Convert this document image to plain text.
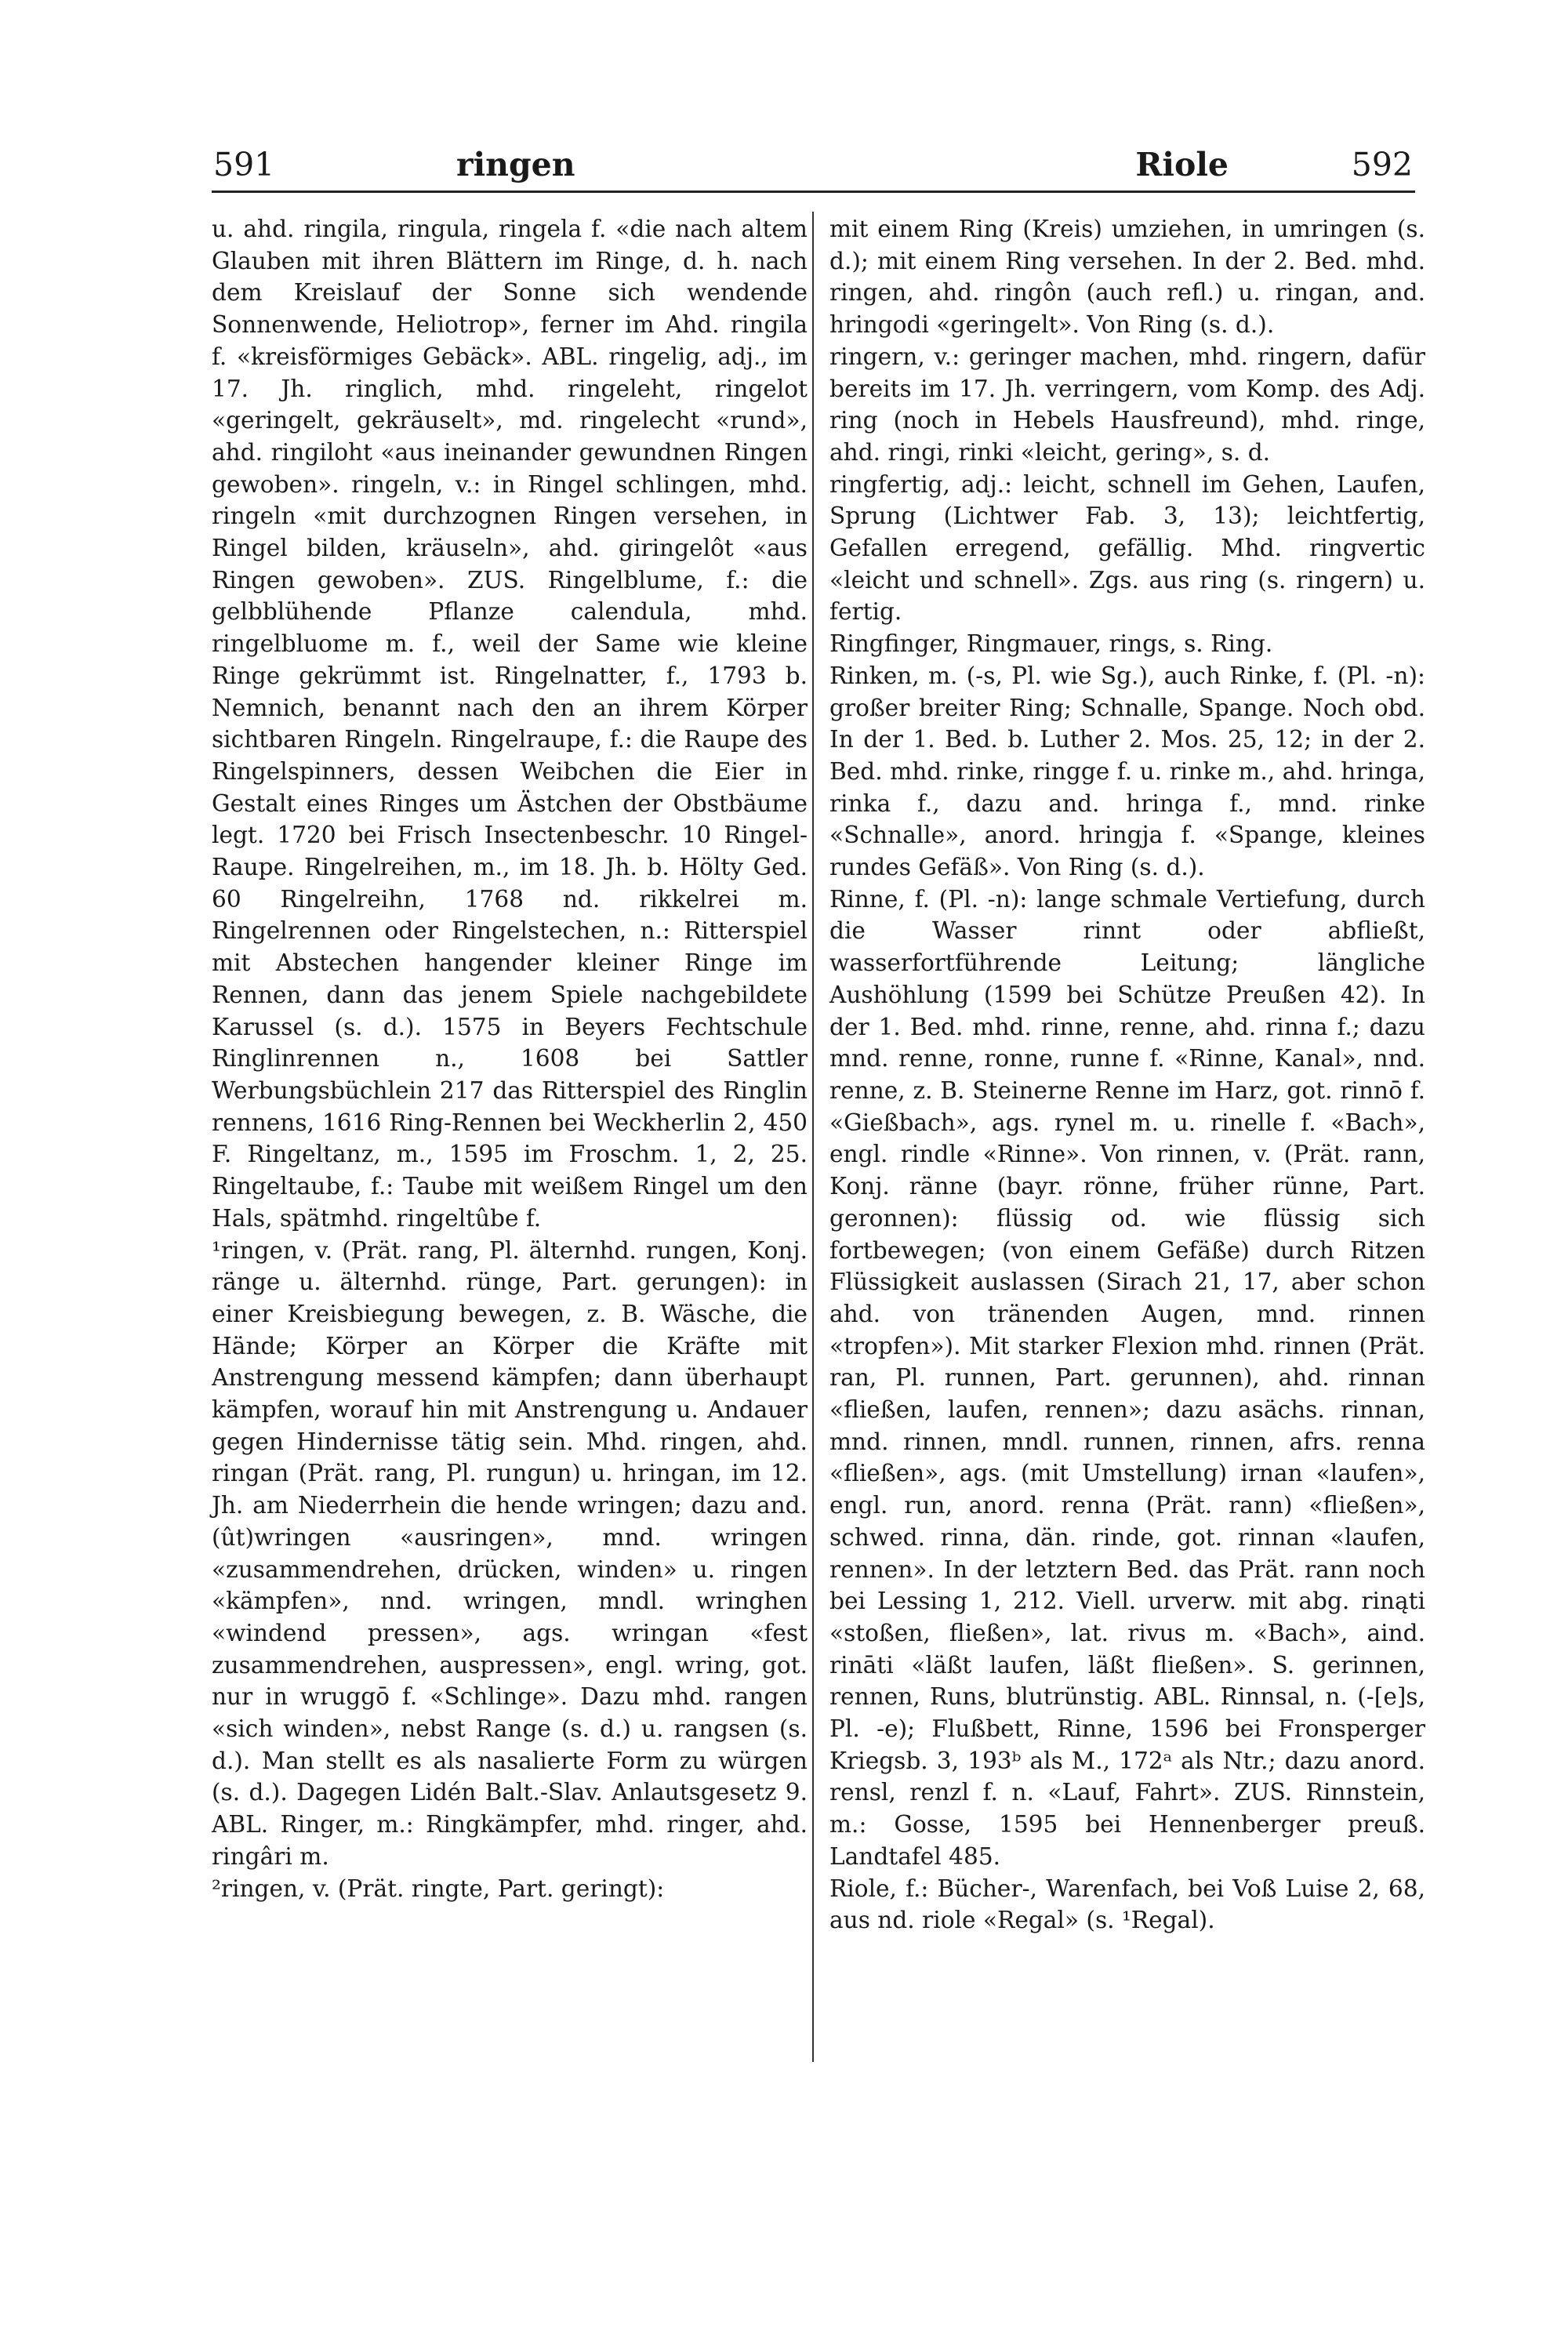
591	ringen	Riole	592

u. ahd. ringila, ringula, ringela f. «die nach altem Glauben mit ihren Blättern im Ringe, d. h. nach dem Kreislauf der Sonne sich wendende Sonnenwende, Heliotrop», ferner im Ahd. ringila f. «kreisförmiges Gebäck». ABL. ringelig, adj., im 17. Jh. ringlich, mhd. ringeleht, ringelot «geringelt, gekräuselt», md. ringelecht «rund», ahd. ringiloht «aus ineinander gewundnen Ringen gewoben». ringeln, v.: in Ringel schlingen, mhd. ringeln «mit durchzognen Ringen versehen, in Ringel bilden, kräuseln», ahd. giringelôt «aus Ringen gewoben». ZUS. Ringelblume, f.: die gelbblühende Pflanze calendula, mhd. ringelbluome m. f., weil der Same wie kleine Ringe gekrümmt ist. Ringelnatter, f., 1793 b. Nemnich, benannt nach den an ihrem Körper sichtbaren Ringeln. Ringelraupe, f.: die Raupe des Ringelspinners, dessen Weibchen die Eier in Gestalt eines Ringes um Ästchen der Obstbäume legt. 1720 bei Frisch Insectenbeschr. 10 Ringel-Raupe. Ringelreihen, m., im 18. Jh. b. Hölty Ged. 60 Ringelreihn, 1768 nd. rikkelrei m. Ringelrennen oder Ringelstechen, n.: Ritterspiel mit Abstechen hangender kleiner Ringe im Rennen, dann das jenem Spiele nachgebildete Karussel (s. d.). 1575 in Beyers Fechtschule Ringlinrennen n., 1608 bei Sattler Werbungsbüchlein 217 das Ritterspiel des Ringlin rennens, 1616 Ring-Rennen bei Weckherlin 2, 450 F. Ringeltanz, m., 1595 im Froschm. 1, 2, 25. Ringeltaube, f.: Taube mit weißem Ringel um den Hals, spätmhd. ringeltûbe f.

¹ringen, v. (Prät. rang, Pl. älternhd. rungen, Konj. ränge u. älternhd. rünge, Part. gerungen): in einer Kreisbiegung bewegen, z. B. Wäsche, die Hände; Körper an Körper die Kräfte mit Anstrengung messend kämpfen; dann überhaupt kämpfen, worauf hin mit Anstrengung u. Andauer gegen Hindernisse tätig sein. Mhd. ringen, ahd. ringan (Prät. rang, Pl. rungun) u. hringan, im 12. Jh. am Niederrhein die hende wringen; dazu and. (ût)wringen «ausringen», mnd. wringen «zusammendrehen, drücken, winden» u. ringen «kämpfen», nnd. wringen, mndl. wringhen «windend pressen», ags. wringan «fest zusammendrehen, auspressen», engl. wring, got. nur in wruggō f. «Schlinge». Dazu mhd. rangen «sich winden», nebst Range (s. d.) u. rangsen (s. d.). Man stellt es als nasalierte Form zu würgen (s. d.). Dagegen Lidén Balt.-Slav. Anlautsgesetz 9. ABL. Ringer, m.: Ringkämpfer, mhd. ringer, ahd. ringâri m.

²ringen, v. (Prät. ringte, Part. geringt):

mit einem Ring (Kreis) umziehen, in umringen (s. d.); mit einem Ring versehen. In der 2. Bed. mhd. ringen, ahd. ringôn (auch refl.) u. ringan, and. hringodi «geringelt». Von Ring (s. d.).

ringern, v.: geringer machen, mhd. ringern, dafür bereits im 17. Jh. verringern, vom Komp. des Adj. ring (noch in Hebels Hausfreund), mhd. ringe, ahd. ringi, rinki «leicht, gering», s. d.

ringfertig, adj.: leicht, schnell im Gehen, Laufen, Sprung (Lichtwer Fab. 3, 13); leichtfertig, Gefallen erregend, gefällig. Mhd. ringvertic «leicht und schnell». Zgs. aus ring (s. ringern) u. fertig.

Ringfinger, Ringmauer, rings, s. Ring.

Rinken, m. (-s, Pl. wie Sg.), auch Rinke, f. (Pl. -n): großer breiter Ring; Schnalle, Spange. Noch obd. In der 1. Bed. b. Luther 2. Mos. 25, 12; in der 2. Bed. mhd. rinke, ringge f. u. rinke m., ahd. hringa, rinka f., dazu and. hringa f., mnd. rinke «Schnalle», anord. hringja f. «Spange, kleines rundes Gefäß». Von Ring (s. d.).

Rinne, f. (Pl. -n): lange schmale Vertiefung, durch die Wasser rinnt oder abfließt, wasserfortführende Leitung; längliche Aushöhlung (1599 bei Schütze Preußen 42). In der 1. Bed. mhd. rinne, renne, ahd. rinna f.; dazu mnd. renne, ronne, runne f. «Rinne, Kanal», nnd. renne, z. B. Steinerne Renne im Harz, got. rinnō f. «Gießbach», ags. rynel m. u. rinelle f. «Bach», engl. rindle «Rinne». Von rinnen, v. (Prät. rann, Konj. ränne (bayr. rönne, früher rünne, Part. geronnen): flüssig od. wie flüssig sich fortbewegen; (von einem Gefäße) durch Ritzen Flüssigkeit auslassen (Sirach 21, 17, aber schon ahd. von tränenden Augen, mnd. rinnen «tropfen»). Mit starker Flexion mhd. rinnen (Prät. ran, Pl. runnen, Part. gerunnen), ahd. rinnan «fließen, laufen, rennen»; dazu asächs. rinnan, mnd. rinnen, mndl. runnen, rinnen, afrs. renna «fließen», ags. (mit Umstellung) irnan «laufen», engl. run, anord. renna (Prät. rann) «fließen», schwed. rinna, dän. rinde, got. rinnan «laufen, rennen». In der letztern Bed. das Prät. rann noch bei Lessing 1, 212. Viell. urverw. mit abg. rinąti «stoßen, fließen», lat. rivus m. «Bach», aind. rināti «läßt laufen, läßt fließen». S. gerinnen, rennen, Runs, blutrünstig. ABL. Rinnsal, n. (-[e]s, Pl. -e); Flußbett, Rinne, 1596 bei Fronsperger Kriegsb. 3, 193ᵇ als M., 172ᵃ als Ntr.; dazu anord. rensl, renzl f. n. «Lauf, Fahrt». ZUS. Rinnstein, m.: Gosse, 1595 bei Hennenberger preuß. Landtafel 485.

Riole, f.: Bücher-, Warenfach, bei Voß Luise 2, 68, aus nd. riole «Regal» (s. ¹Regal).
